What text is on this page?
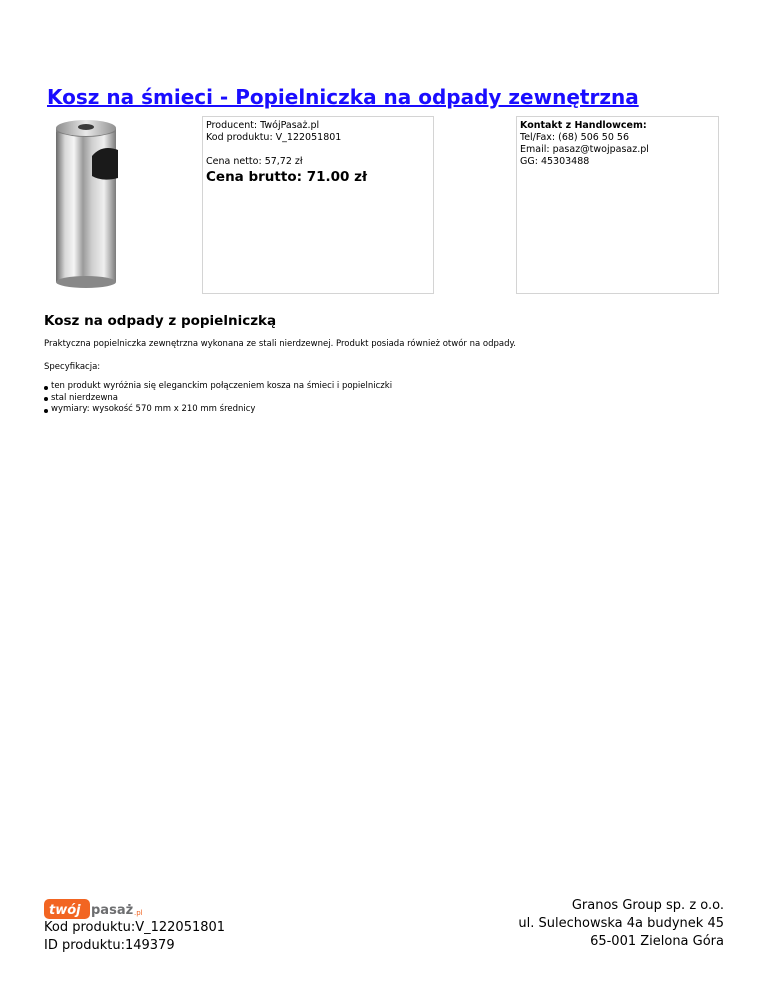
Kosz na śmieci - Popielniczka na odpady zewnętrzna
Producent: TwójPasaż.pl
Kod produktu: V_122051801
Cena netto: 57,72 zł
Cena brutto: 71.00 zł
Kontakt z Handlowcem:
Tel/Fax: (68) 506 50 56
Email: pasaz@twojpasaz.pl
GG: 45303488
Kosz na odpady z popielniczką
Praktyczna popielniczka zewnętrzna wykonana ze stali nierdzewnej. Produkt posiada również otwór na odpady.
Specyfikacja:
ten produkt wyróżnia się eleganckim połączeniem kosza na śmieci i popielniczki
stal nierdzewna
wymiary: wysokość 570 mm x 210 mm średnicy
twój pasaż .pl
Kod produktu:V_122051801
ID produktu:149379
Granos Group sp. z o.o.
ul. Sulechowska 4a budynek 45
65-001 Zielona Góra
